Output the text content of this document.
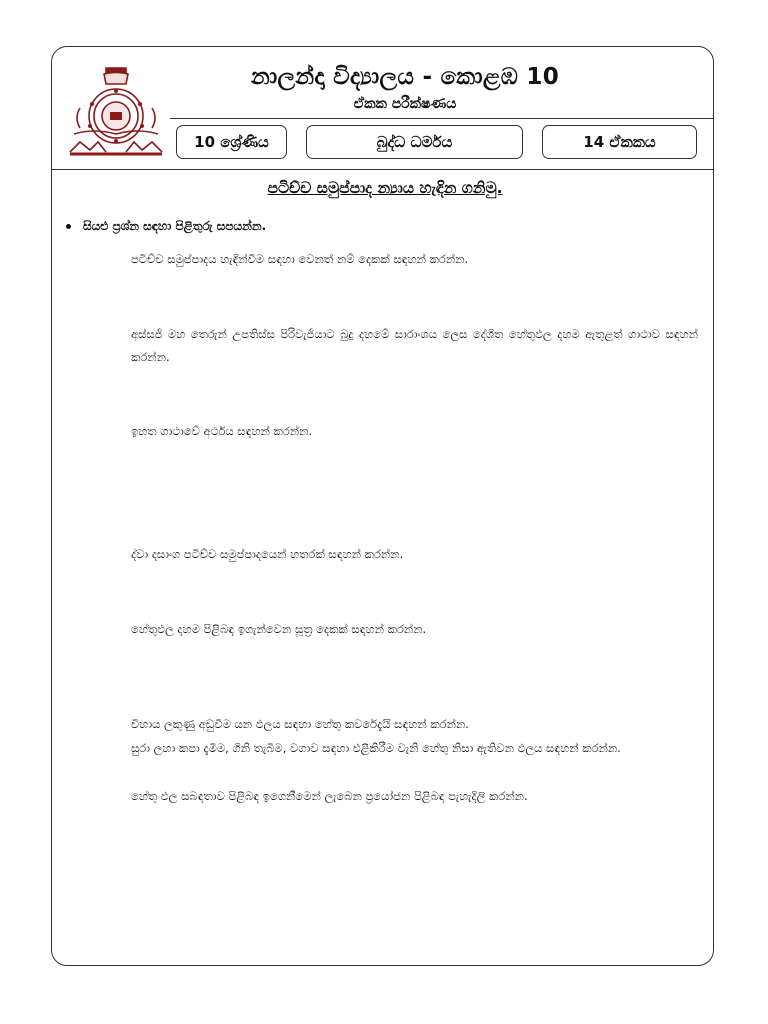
නාලන්දා විද්‍යාලය - කොළඹ 10
ඒකක පරීක්ෂණය
10 ශ්‍රේණිය	බුද්ධ ධර්මය	14 ඒකකය
පටිච්ච සමුප්පාද න්‍යාය හැඳින ගනිමු.
සියළු ප්‍රශ්න සඳහා පිළිතුරු සපයන්න.
පටිච්ච සමුප්පාදය හැඳින්වීම සඳහා වෙනත් නම් දෙකක් සඳහන් කරන්න.
අස්සජි මහ තෙරුන් උපතිස්ස පිරිවැජියාට බුදු දහමේ සාරාංශය ලෙස දේශිත හේතුඵල දහම ඇතුළත් ගාථාව සඳහන් කරන්න.
ඉහත ගාථාවේ අර්ථය සඳහන් කරන්න.
ද්වා දසාංග පටිච්ච සමුප්පාදයෙන් හතරක් සඳහන් කරන්න.
හේතුඵල දහම පිළිබඳ ඉගැන්වෙන සූත්‍ර දෙකක් සඳහන් කරන්න.
විහාය ලකුණු අඩුවීම යන ඵලය සඳහා හේතු කවරේදැයි සඳහන් කරන්න.
සුරා ලහා කපා දැමීම, ගිනි තැබීම, වගාව සඳහා එළිකිරීම වැනි හේතු නිසා ඇතිවන ඵලය සඳහන් කරන්න.
හේතු ඵල සබඳතාව පිළිබඳ ඉගෙනීමෙන් ලැබෙන ප්‍රයෝජන පිළිබඳ පැහැදිලි කරන්න.
